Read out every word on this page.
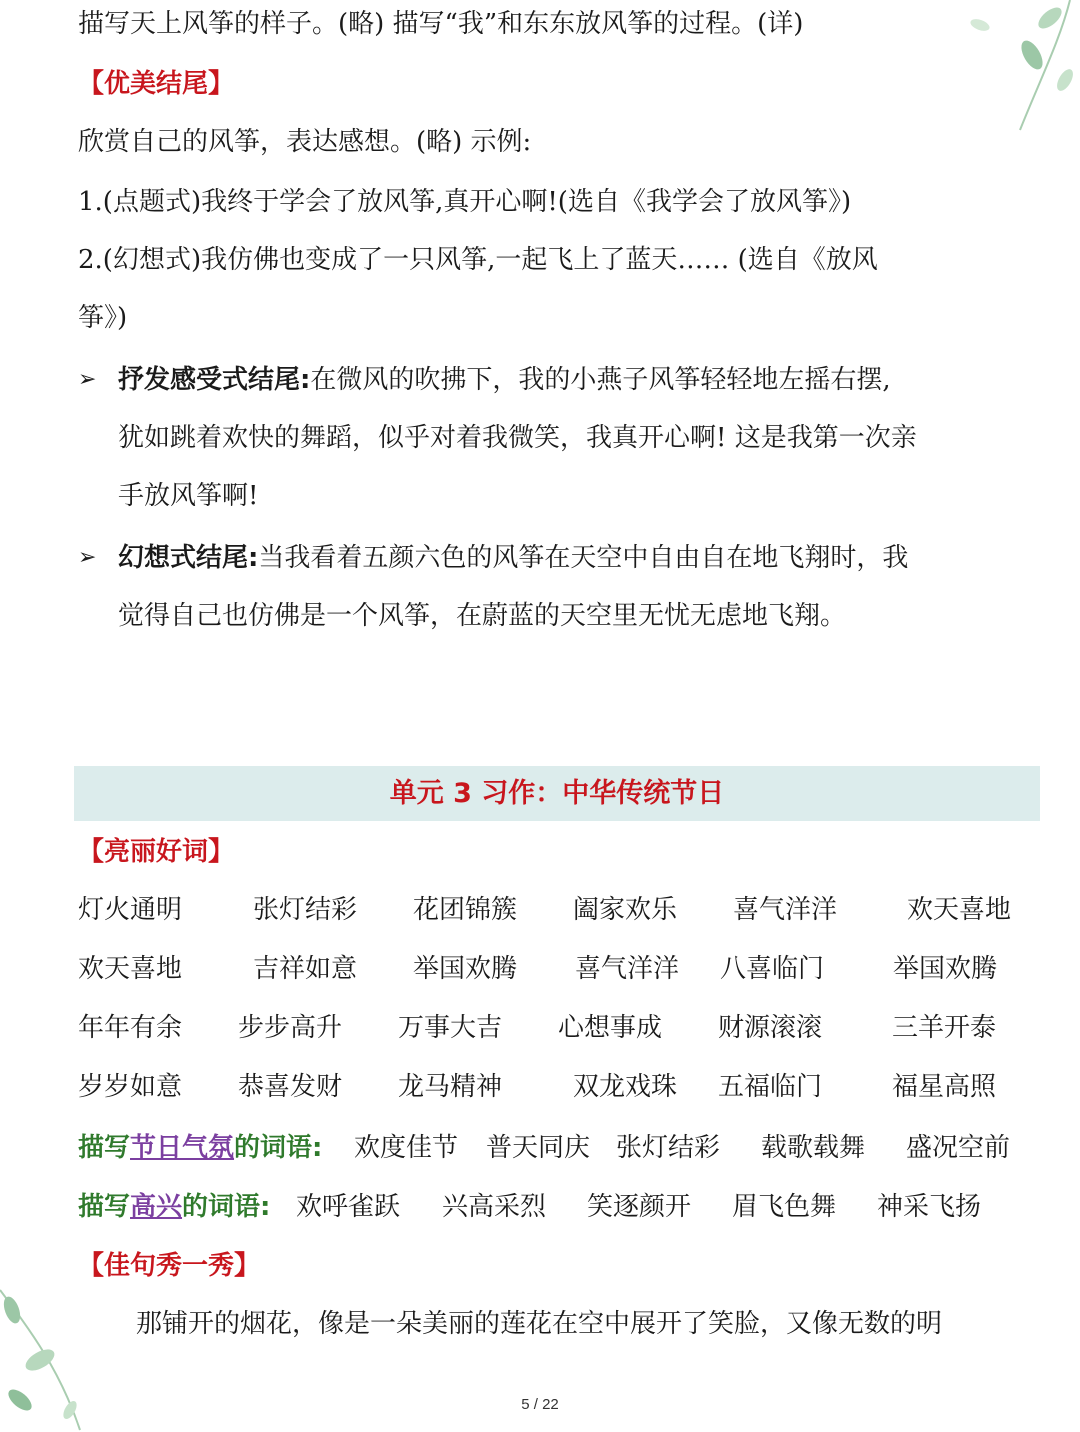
描写天上风筝的样子。(略) 描写“我”和东东放风筝的过程。(详)
【优美结尾】
欣赏自己的风筝，表达感想。(略) 示例:
1.(点题式)我终于学会了放风筝,真开心啊!(选自《我学会了放风筝》)
2.(幻想式)我仿佛也变成了一只风筝,一起飞上了蓝天…… (选自《放风
筝》)
➢ 抒发感受式结尾:在微风的吹拂下，我的小燕子风筝轻轻地左摇右摆,
犹如跳着欢快的舞蹈，似乎对着我微笑，我真开心啊! 这是我第一次亲
手放风筝啊!
➢ 幻想式结尾:当我看着五颜六色的风筝在天空中自由自在地飞翔时，我
觉得自己也仿佛是一个风筝，在蔚蓝的天空里无忧无虑地飞翔。
单元 3 习作：中华传统节日
【亮丽好词】
灯火通明	张灯结彩 花团锦簇 阖家欢乐 喜气洋洋	欢天喜地
欢天喜地	吉祥如意 举国欢腾 喜气洋洋 八喜临门	举国欢腾
年年有余 步步高升 万事大吉 心想事成 财源滚滚	三羊开泰
岁岁如意 恭喜发财 龙马精神	双龙戏珠 五福临门	福星高照
描写节日气氛的词语: 欢度佳节 普天同庆 张灯结彩 载歌载舞 盛况空前
描写高兴的词语: 欢呼雀跃 兴高采烈 笑逐颜开 眉飞色舞 神采飞扬
【佳句秀一秀】
那铺开的烟花，像是一朵美丽的莲花在空中展开了笑脸，又像无数的明
5 / 22
